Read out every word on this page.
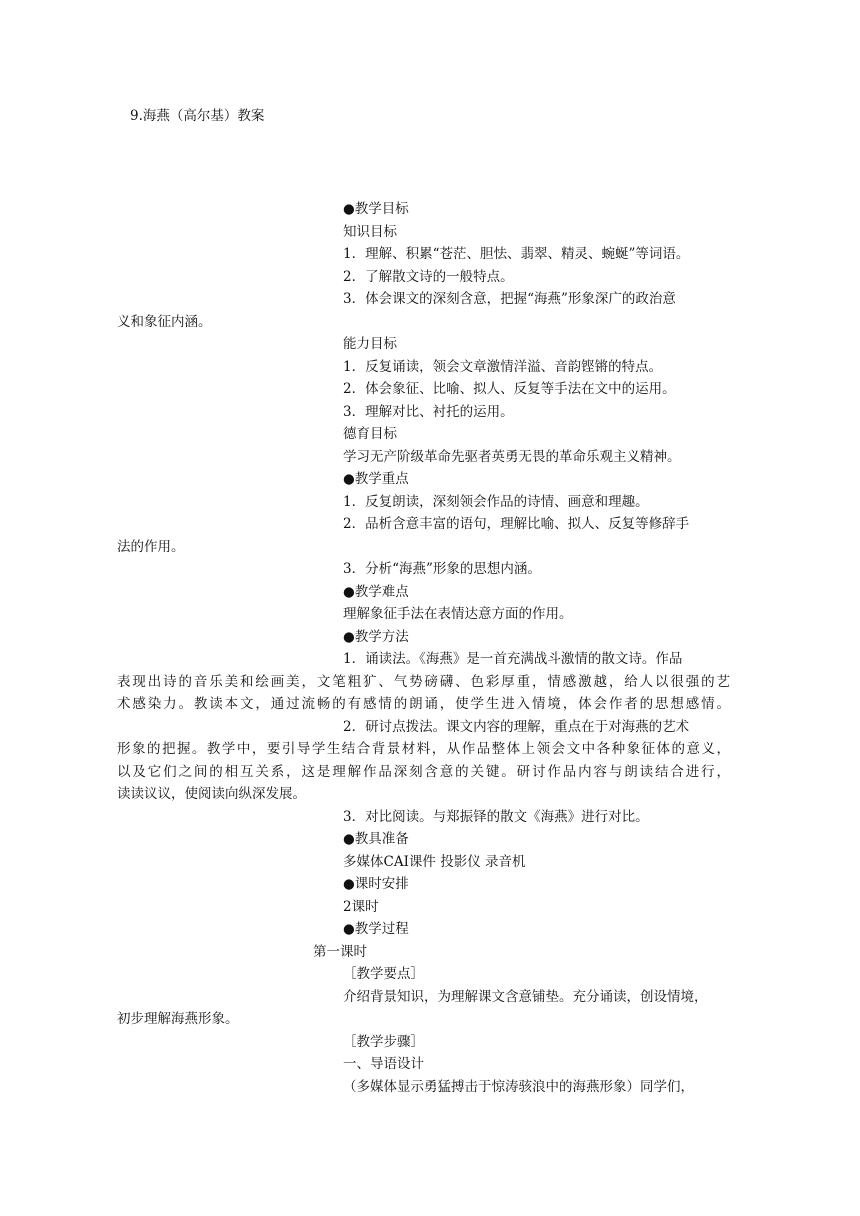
9.海燕（高尔基）教案
●教学目标
知识目标
1．理解、积累“苍茫、胆怯、翡翠、精灵、蜿蜒”等词语。
2．了解散文诗的一般特点。
3．体会课文的深刻含意，把握“海燕”形象深广的政治意
义和象征内涵。
能力目标
1．反复诵读，领会文章激情洋溢、音韵铿锵的特点。
2．体会象征、比喻、拟人、反复等手法在文中的运用。
3．理解对比、衬托的运用。
德育目标
学习无产阶级革命先驱者英勇无畏的革命乐观主义精神。
●教学重点
1．反复朗读，深刻领会作品的诗情、画意和理趣。
2．品析含意丰富的语句，理解比喻、拟人、反复等修辞手
法的作用。
3．分析“海燕”形象的思想内涵。
●教学难点
理解象征手法在表情达意方面的作用。
●教学方法
1．诵读法。《海燕》是一首充满战斗激情的散文诗。作品
表现出诗的音乐美和绘画美，文笔粗犷、气势磅礴、色彩厚重，情感激越，给人以很强的艺
术感染力。教读本文，通过流畅的有感情的朗诵，使学生进入情境，体会作者的思想感情。
2．研讨点拨法。课文内容的理解，重点在于对海燕的艺术
形象的把握。教学中，要引导学生结合背景材料，从作品整体上领会文中各种象征体的意义，
以及它们之间的相互关系，这是理解作品深刻含意的关键。研讨作品内容与朗读结合进行，
读读议议，使阅读向纵深发展。
3．对比阅读。与郑振铎的散文《海燕》进行对比。
●教具准备
多媒体CAI课件 投影仪 录音机
●课时安排
2课时
●教学过程
第一课时
［教学要点］
介绍背景知识，为理解课文含意铺垫。充分诵读，创设情境，
初步理解海燕形象。
［教学步骤］
一、导语设计
（多媒体显示勇猛搏击于惊涛骇浪中的海燕形象）同学们，
